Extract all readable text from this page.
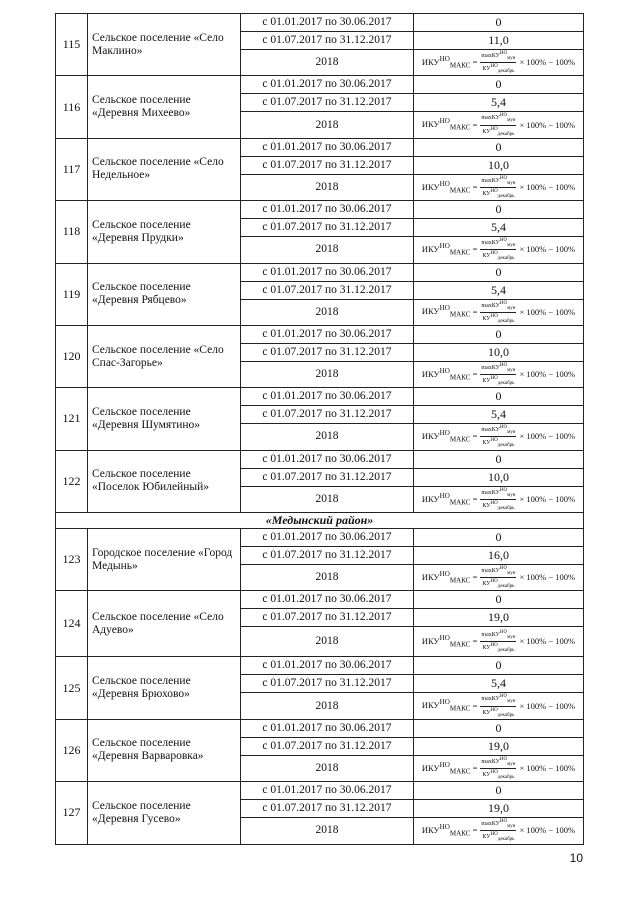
115	Сельское поселение «Село Маклино»	с 01.01.2017 по 30.06.2017	0
		с 01.07.2017 по 31.12.2017	11,0
		2018	$ИКУ^{НО}_{МАКС} = \frac{\max КУ^{НО}_{мун}}{КУ^{НО}_{декабрь}} \times 100\% - 100\%$

116	Сельское поселение «Деревня Михеево»	с 01.01.2017 по 30.06.2017	0
		с 01.07.2017 по 31.12.2017	5,4
		2018	$ИКУ^{НО}_{МАКС} = \frac{\max КУ^{НО}_{мун}}{КУ^{НО}_{декабрь}} \times 100\% - 100\%$

117	Сельское поселение «Село Недельное»	с 01.01.2017 по 30.06.2017	0
		с 01.07.2017 по 31.12.2017	10,0
		2018	$ИКУ^{НО}_{МАКС} = \frac{\max КУ^{НО}_{мун}}{КУ^{НО}_{декабрь}} \times 100\% - 100\%$

118	Сельское поселение «Деревня Прудки»	с 01.01.2017 по 30.06.2017	0
		с 01.07.2017 по 31.12.2017	5,4
		2018	$ИКУ^{НО}_{МАКС} = \frac{\max КУ^{НО}_{мун}}{КУ^{НО}_{декабрь}} \times 100\% - 100\%$

119	Сельское поселение «Деревня Рябцево»	с 01.01.2017 по 30.06.2017	0
		с 01.07.2017 по 31.12.2017	5,4
		2018	$ИКУ^{НО}_{МАКС} = \frac{\max КУ^{НО}_{мун}}{КУ^{НО}_{декабрь}} \times 100\% - 100\%$

120	Сельское поселение «Село Спас-Загорье»	с 01.01.2017 по 30.06.2017	0
		с 01.07.2017 по 31.12.2017	10,0
		2018	$ИКУ^{НО}_{МАКС} = \frac{\max КУ^{НО}_{мун}}{КУ^{НО}_{декабрь}} \times 100\% - 100\%$

121	Сельское поселение «Деревня Шумятино»	с 01.01.2017 по 30.06.2017	0
		с 01.07.2017 по 31.12.2017	5,4
		2018	$ИКУ^{НО}_{МАКС} = \frac{\max КУ^{НО}_{мун}}{КУ^{НО}_{декабрь}} \times 100\% - 100\%$

122	Сельское поселение «Поселок Юбилейный»	с 01.01.2017 по 30.06.2017	0
		с 01.07.2017 по 31.12.2017	10,0
		2018	$ИКУ^{НО}_{МАКС} = \frac{\max КУ^{НО}_{мун}}{КУ^{НО}_{декабрь}} \times 100\% - 100\%$

«Медынский район»			
123	Городское поселение «Город Медынь»	с 01.01.2017 по 30.06.2017	0
		с 01.07.2017 по 31.12.2017	16,0
		2018	$ИКУ^{НО}_{МАКС} = \frac{\max КУ^{НО}_{мун}}{КУ^{НО}_{декабрь}} \times 100\% - 100\%$

124	Сельское поселение «Село Адуево»	с 01.01.2017 по 30.06.2017	0
		с 01.07.2017 по 31.12.2017	19,0
		2018	$ИКУ^{НО}_{МАКС} = \frac{\max КУ^{НО}_{мун}}{КУ^{НО}_{декабрь}} \times 100\% - 100\%$

125	Сельское поселение «Деревня Брюхово»	с 01.01.2017 по 30.06.2017	0
		с 01.07.2017 по 31.12.2017	5,4
		2018	$ИКУ^{НО}_{МАКС} = \frac{\max КУ^{НО}_{мун}}{КУ^{НО}_{декабрь}} \times 100\% - 100\%$

126	Сельское поселение «Деревня Варваровка»	с 01.01.2017 по 30.06.2017	0
		с 01.07.2017 по 31.12.2017	19,0
		2018	$ИКУ^{НО}_{МАКС} = \frac{\max КУ^{НО}_{мун}}{КУ^{НО}_{декабрь}} \times 100\% - 100\%$

127	Сельское поселение «Деревня Гусево»	с 01.01.2017 по 30.06.2017	0
		с 01.07.2017 по 31.12.2017	19,0
		2018	$ИКУ^{НО}_{МАКС} = \frac{\max КУ^{НО}_{мун}}{КУ^{НО}_{декабрь}} \times 100\% - 100\%$
10
